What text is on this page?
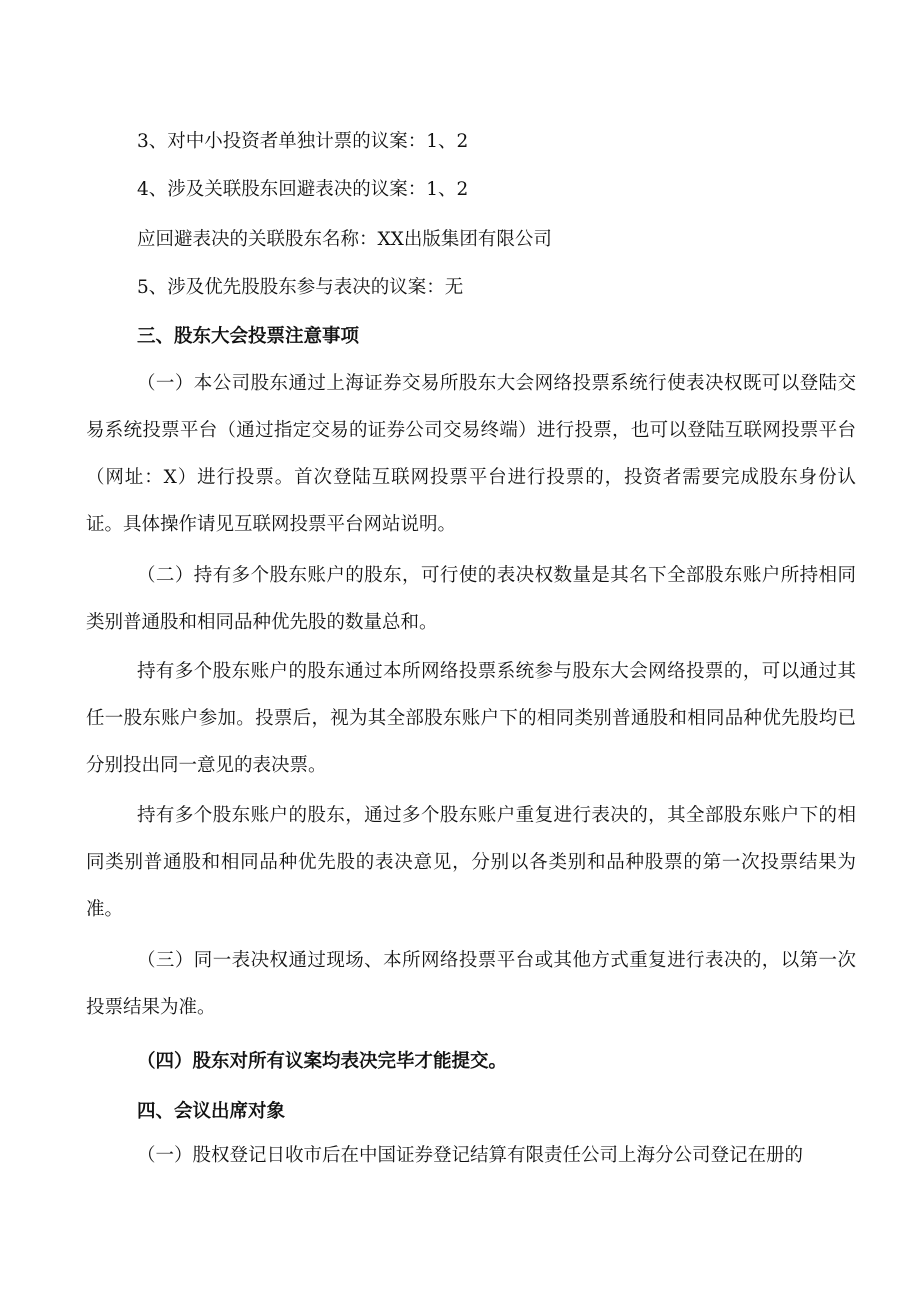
3、对中小投资者单独计票的议案：1、2

4、涉及关联股东回避表决的议案：1、2

应回避表决的关联股东名称：XX出版集团有限公司

5、涉及优先股股东参与表决的议案：无

三、股东大会投票注意事项

（一）本公司股东通过上海证券交易所股东大会网络投票系统行使表决权既可以登陆交易系统投票平台（通过指定交易的证券公司交易终端）进行投票，也可以登陆互联网投票平台（网址：X）进行投票。首次登陆互联网投票平台进行投票的，投资者需要完成股东身份认证。具体操作请见互联网投票平台网站说明。

（二）持有多个股东账户的股东，可行使的表决权数量是其名下全部股东账户所持相同类别普通股和相同品种优先股的数量总和。

持有多个股东账户的股东通过本所网络投票系统参与股东大会网络投票的，可以通过其任一股东账户参加。投票后，视为其全部股东账户下的相同类别普通股和相同品种优先股均已分别投出同一意见的表决票。

持有多个股东账户的股东，通过多个股东账户重复进行表决的，其全部股东账户下的相同类别普通股和相同品种优先股的表决意见，分别以各类别和品种股票的第一次投票结果为准。

（三）同一表决权通过现场、本所网络投票平台或其他方式重复进行表决的，以第一次投票结果为准。

（四）股东对所有议案均表决完毕才能提交。

四、会议出席对象

（一）股权登记日收市后在中国证券登记结算有限责任公司上海分公司登记在册的
